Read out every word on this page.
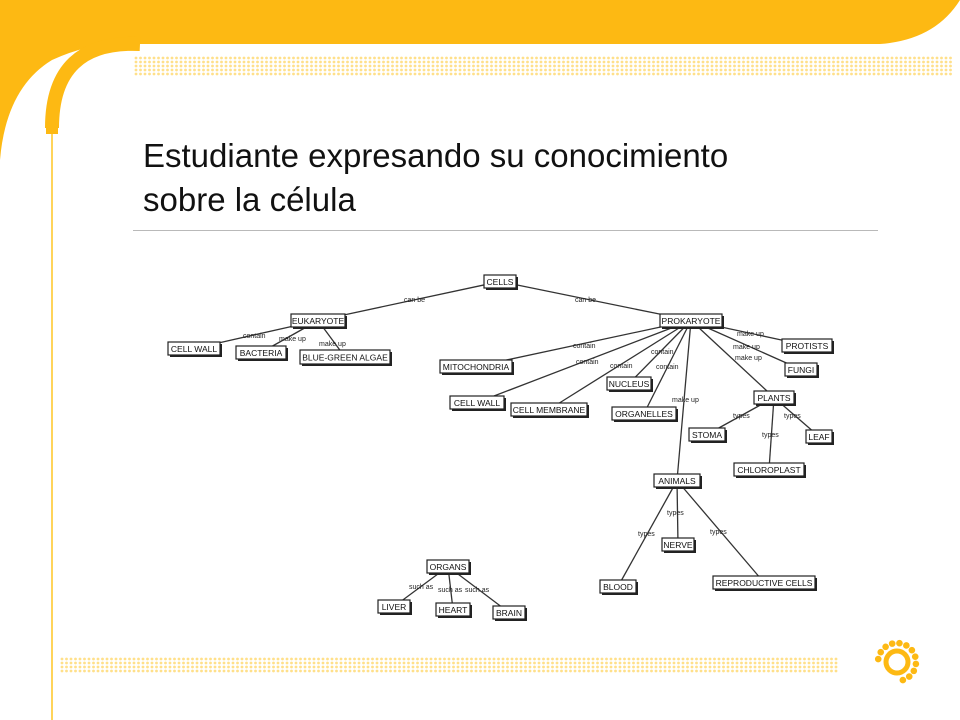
Estudiante expresando su conocimiento
sobre la célula
can be	can be
contain make up
make up
make up
make up
make up
contain
contain
contain
contain
contain
make up
types
types
types
types
types
types
such as such as such as
CELLS
EUKARYOTE	PROKARYOTE
CELL WALL	BACTERIA BLUE-GREEN ALGAE
PROTISTS
FUNGI
MITOCHONDRIA
NUCLEUS
CELL WALL
CELL MEMBRANE	ORGANELLES
PLANTS
STOMA	LEAF
CHLOROPLAST
ANIMALS
NERVE
BLOOD	REPRODUCTIVE CELLS
ORGANS
LIVER	HEART	BRAIN
